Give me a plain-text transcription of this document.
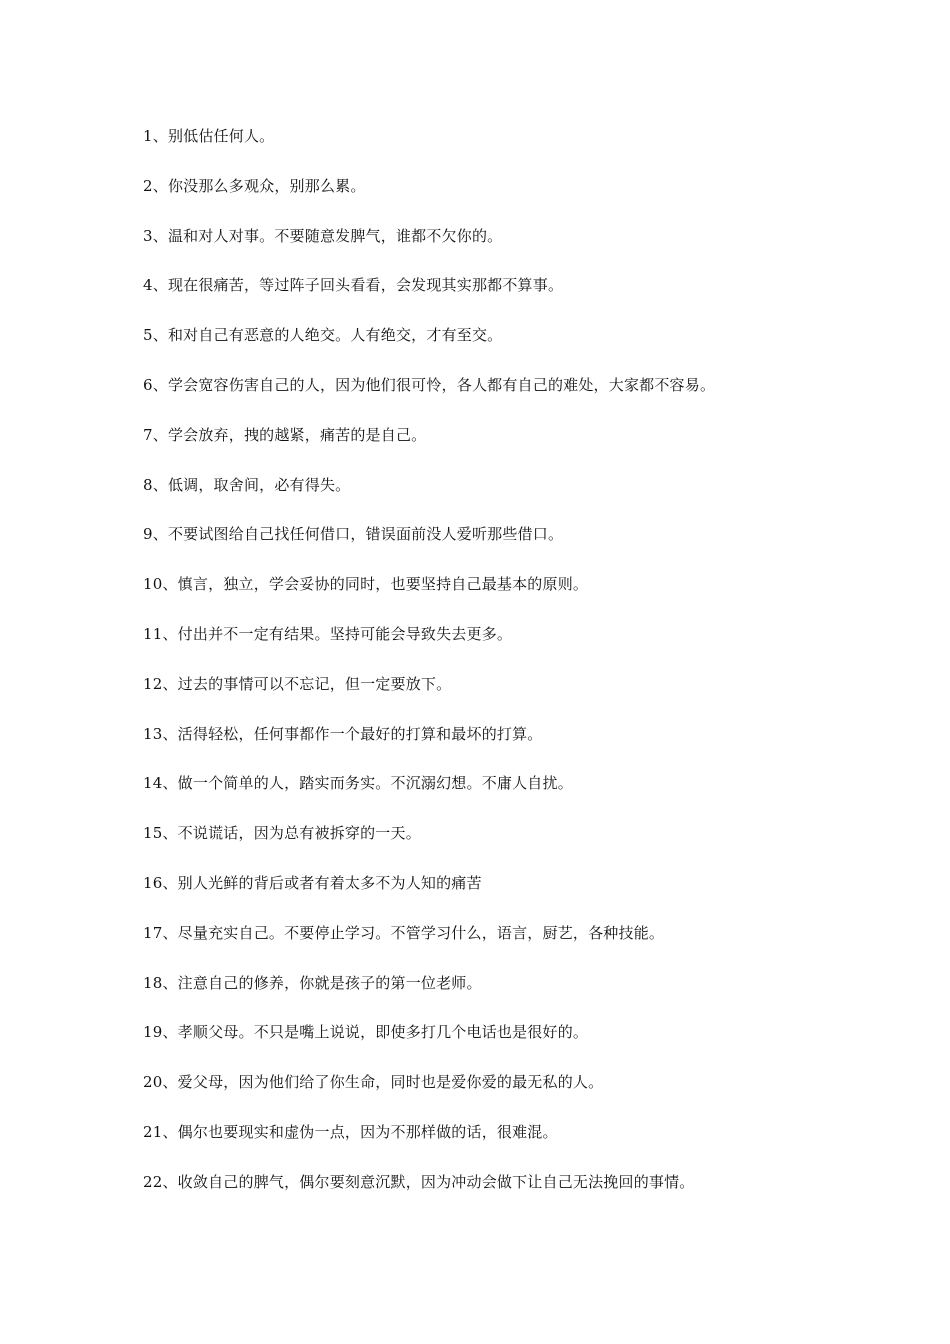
1、别低估任何人。
2、你没那么多观众，别那么累。
3、温和对人对事。不要随意发脾气，谁都不欠你的。
4、现在很痛苦，等过阵子回头看看，会发现其实那都不算事。
5、和对自己有恶意的人绝交。人有绝交，才有至交。
6、学会宽容伤害自己的人，因为他们很可怜，各人都有自己的难处，大家都不容易。
7、学会放弃，拽的越紧，痛苦的是自己。
8、低调，取舍间，必有得失。
9、不要试图给自己找任何借口，错误面前没人爱听那些借口。
10、慎言，独立，学会妥协的同时，也要坚持自己最基本的原则。
11、付出并不一定有结果。坚持可能会导致失去更多。
12、过去的事情可以不忘记，但一定要放下。
13、活得轻松，任何事都作一个最好的打算和最坏的打算。
14、做一个简单的人，踏实而务实。不沉溺幻想。不庸人自扰。
15、不说谎话，因为总有被拆穿的一天。
16、别人光鲜的背后或者有着太多不为人知的痛苦
17、尽量充实自己。不要停止学习。不管学习什么，语言，厨艺，各种技能。
18、注意自己的修养，你就是孩子的第一位老师。
19、孝顺父母。不只是嘴上说说，即使多打几个电话也是很好的。
20、爱父母，因为他们给了你生命，同时也是爱你爱的最无私的人。
21、偶尔也要现实和虚伪一点，因为不那样做的话，很难混。
22、收敛自己的脾气，偶尔要刻意沉默，因为冲动会做下让自己无法挽回的事情。
